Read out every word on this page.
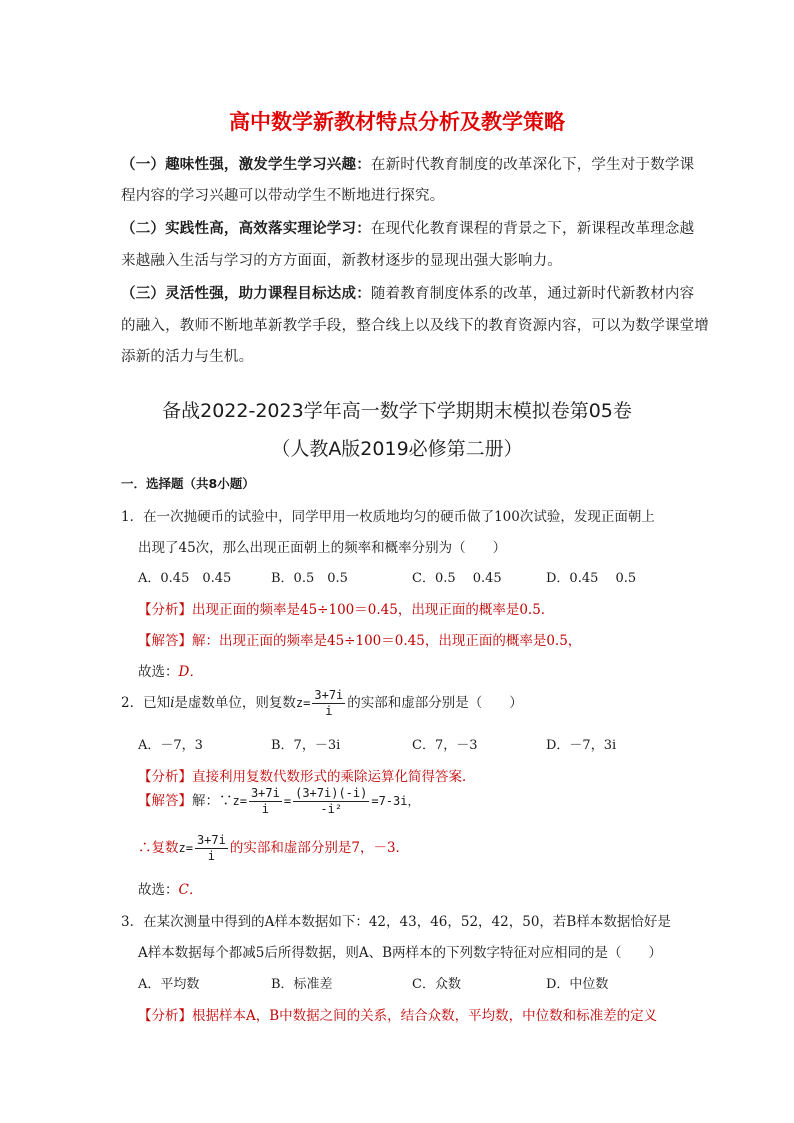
高中数学新教材特点分析及教学策略
（一）趣味性强，激发学生学习兴趣：在新时代教育制度的改革深化下，学生对于数学课
程内容的学习兴趣可以带动学生不断地进行探究。
（二）实践性高，高效落实理论学习：在现代化教育课程的背景之下，新课程改革理念越
来越融入生活与学习的方方面面，新教材逐步的显现出强大影响力。
（三）灵活性强，助力课程目标达成：随着教育制度体系的改革，通过新时代新教材内容
的融入，教师不断地革新教学手段，整合线上以及线下的教育资源内容，可以为数学课堂增
添新的活力与生机。
备战2022-2023学年高一数学下学期期末模拟卷第05卷
（人教A版2019必修第二册）
一．选择题（共8小题）
1．在一次抛硬币的试验中，同学甲用一枚质地均匀的硬币做了100次试验，发现正面朝上
出现了45次，那么出现正面朝上的频率和概率分别为（　　）
A．0.45　0.45	B．0.5　0.5	C．0.5　 0.45	D．0.45　 0.5
【分析】出现正面的频率是45÷100＝0.45，出现正面的概率是0.5．
【解答】解：出现正面的频率是45÷100＝0.45，出现正面的概率是0.5，
故选：D．
2．已知i是虚数单位，则复数$z= \frac{3+7i}{i}$ 的实部和虚部分别是（　　）
A．－7，3	B．7，－3i	C．7，－3	D．－7，3i
【分析】直接利用复数代数形式的乘除运算化简得答案．
【解答】解：∵z= $\frac{3+7i}{i} = \frac{(3+7i)(-i)}{\text{-i²}} =7-3i$，
∴复数$z= \frac{3+7i}{i}$ 的实部和虚部分别是7，－3．
故选：C．
3．在某次测量中得到的A样本数据如下：42，43，46，52，42，50，若B样本数据恰好是
A样本数据每个都减5后所得数据，则A、B两样本的下列数字特征对应相同的是（　　）
A．平均数	B．标准差	C．众数	D．中位数
【分析】根据样本A，B中数据之间的关系，结合众数，平均数，中位数和标准差的定义
